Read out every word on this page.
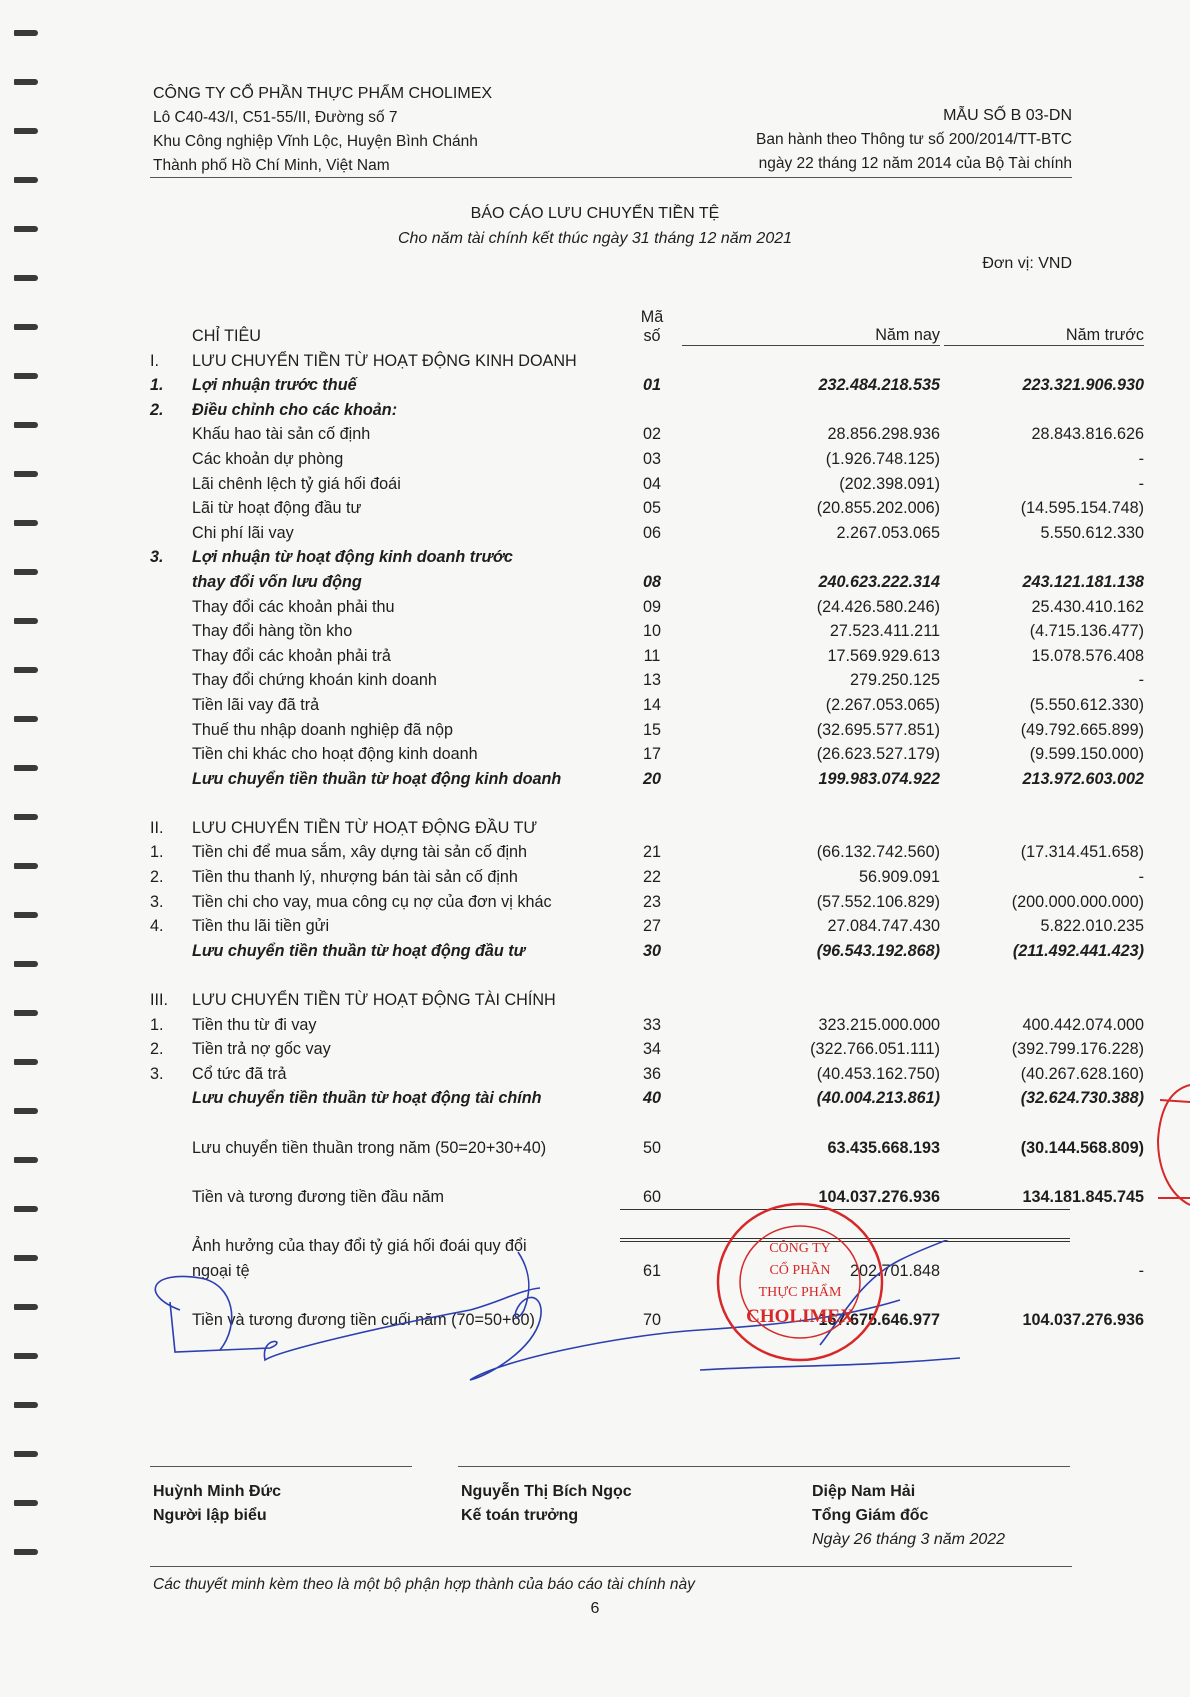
CÔNG TY CỔ PHẦN THỰC PHẨM CHOLIMEX
Lô C40-43/I, C51-55/II, Đường số 7
Khu Công nghiệp Vĩnh Lộc, Huyện Bình Chánh
Thành phố Hồ Chí Minh, Việt Nam
MẪU SỐ B 03-DN
Ban hành theo Thông tư số 200/2014/TT-BTC
ngày 22 tháng 12 năm 2014 của Bộ Tài chính
BÁO CÁO LƯU CHUYỂN TIỀN TỆ
Cho năm tài chính kết thúc ngày 31 tháng 12 năm 2021
Đơn vị: VND
	CHỈ TIÊU	Mã
số	Năm nay	Năm trước
I.	LƯU CHUYỂN TIỀN TỪ HOẠT ĐỘNG KINH DOANH			
1.	Lợi nhuận trước thuế	01	232.484.218.535	223.321.906.930
2.	Điều chỉnh cho các khoản:			
	Khấu hao tài sản cố định	02	28.856.298.936	28.843.816.626
	Các khoản dự phòng	03	(1.926.748.125)	-
	Lãi chênh lệch tỷ giá hối đoái	04	(202.398.091)	-
	Lãi từ hoạt động đầu tư	05	(20.855.202.006)	(14.595.154.748)
	Chi phí lãi vay	06	2.267.053.065	5.550.612.330
3.	Lợi nhuận từ hoạt động kinh doanh trước			
	thay đổi vốn lưu động	08	240.623.222.314	243.121.181.138
	Thay đổi các khoản phải thu	09	(24.426.580.246)	25.430.410.162
	Thay đổi hàng tồn kho	10	27.523.411.211	(4.715.136.477)
	Thay đổi các khoản phải trả	11	17.569.929.613	15.078.576.408
	Thay đổi chứng khoán kinh doanh	13	279.250.125	-
	Tiền lãi vay đã trả	14	(2.267.053.065)	(5.550.612.330)
	Thuế thu nhập doanh nghiệp đã nộp	15	(32.695.577.851)	(49.792.665.899)
	Tiền chi khác cho hoạt động kinh doanh	17	(26.623.527.179)	(9.599.150.000)
	Lưu chuyển tiền thuần từ hoạt động kinh doanh	20	199.983.074.922	213.972.603.002

II.	LƯU CHUYỂN TIỀN TỪ HOẠT ĐỘNG ĐẦU TƯ			
1.	Tiền chi để mua sắm, xây dựng tài sản cố định	21	(66.132.742.560)	(17.314.451.658)
2.	Tiền thu thanh lý, nhượng bán tài sản cố định	22	56.909.091	-
3.	Tiền chi cho vay, mua công cụ nợ của đơn vị khác	23	(57.552.106.829)	(200.000.000.000)
4.	Tiền thu lãi tiền gửi	27	27.084.747.430	5.822.010.235
	Lưu chuyển tiền thuần từ hoạt động đầu tư	30	(96.543.192.868)	(211.492.441.423)

III.	LƯU CHUYỂN TIỀN TỪ HOẠT ĐỘNG TÀI CHÍNH			
1.	Tiền thu từ đi vay	33	323.215.000.000	400.442.074.000
2.	Tiền trả nợ gốc vay	34	(322.766.051.111)	(392.799.176.228)
3.	Cổ tức đã trả	36	(40.453.162.750)	(40.267.628.160)
	Lưu chuyển tiền thuần từ hoạt động tài chính	40	(40.004.213.861)	(32.624.730.388)

	Lưu chuyển tiền thuần trong năm (50=20+30+40)	50	63.435.668.193	(30.144.568.809)

	Tiền và tương đương tiền đầu năm	60	104.037.276.936	134.181.845.745

	Ảnh hưởng của thay đổi tỷ giá hối đoái quy đổi			
	ngoại tệ	61	202.701.848	-

	Tiền và tương đương tiền cuối năm (70=50+60)	70	167.675.646.977	104.037.276.936
CÔNG TY
CỔ PHẦN
THỰC PHẨM
CHOLIMEX
Huỳnh Minh Đức
Người lập biểu
Nguyễn Thị Bích Ngọc
Kế toán trưởng
Diệp Nam Hải
Tổng Giám đốc
Ngày 26 tháng 3 năm 2022
Các thuyết minh kèm theo là một bộ phận hợp thành của báo cáo tài chính này
6
